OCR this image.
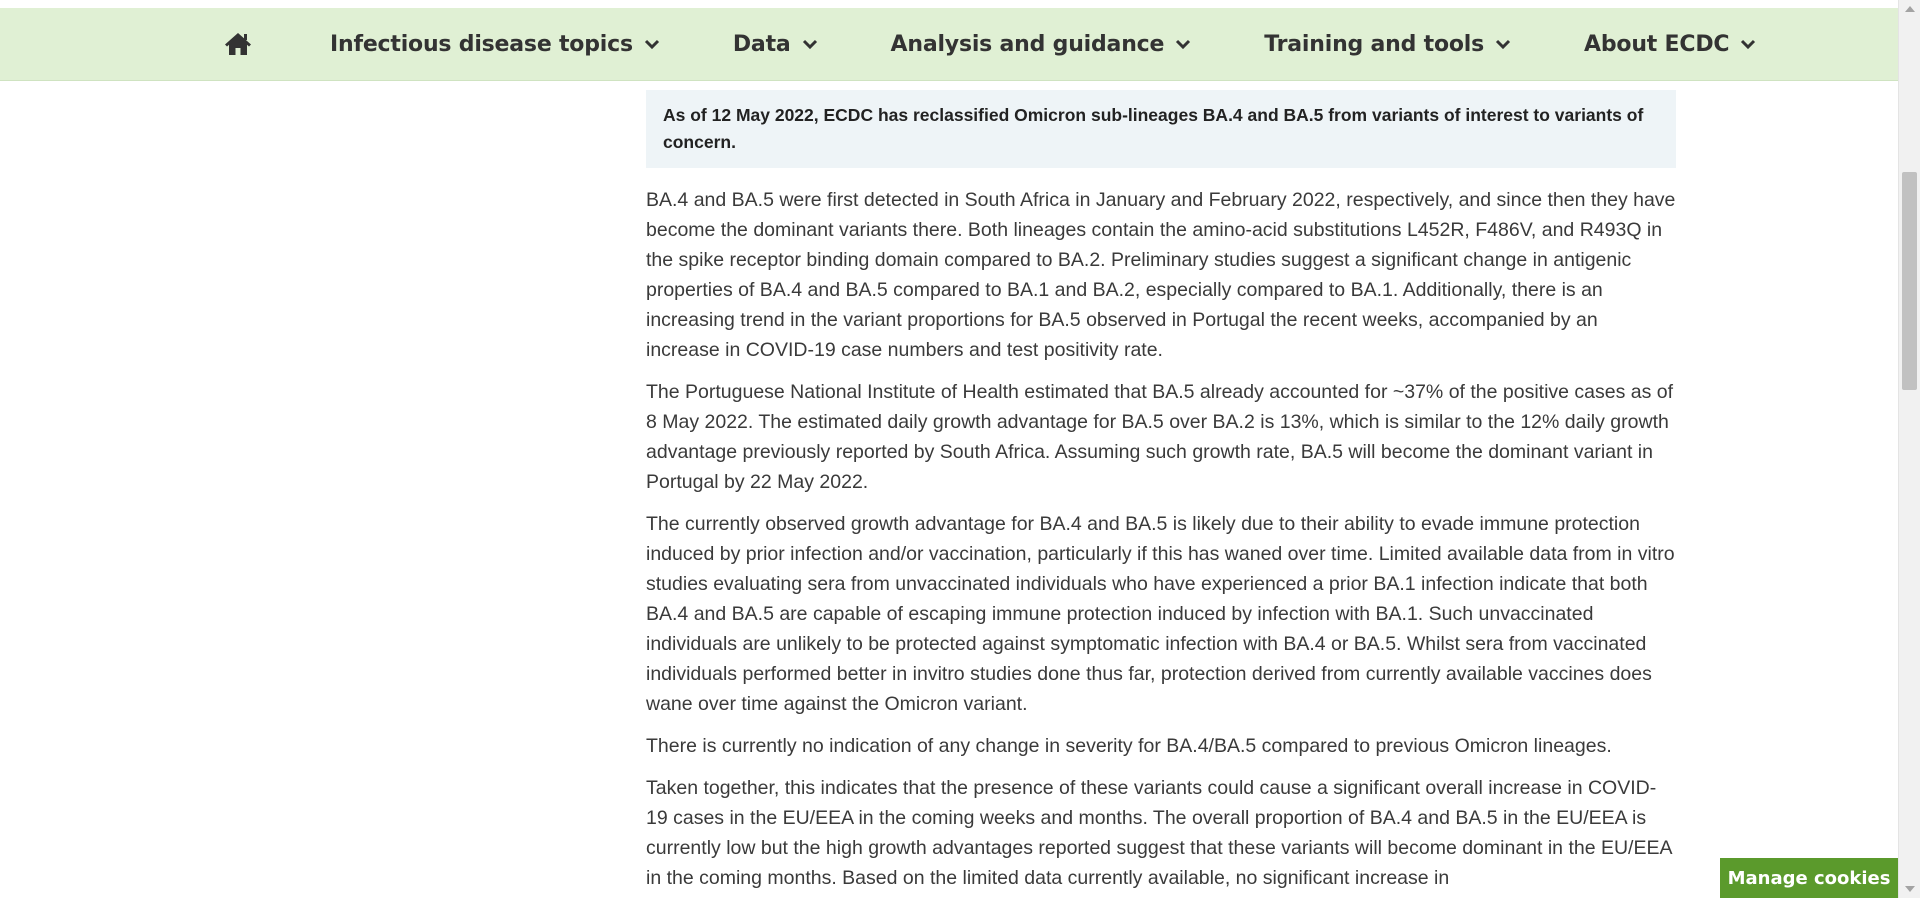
Infectious disease topics	Data	Analysis and guidance	Training and tools	About ECDC
As of 12 May 2022, ECDC has reclassified Omicron sub-lineages BA.4 and BA.5 from variants of interest to variants of concern.

BA.4 and BA.5 were first detected in South Africa in January and February 2022, respectively, and since then they have become the dominant variants there. Both lineages contain the amino-acid substitutions L452R, F486V, and R493Q in the spike receptor binding domain compared to BA.2. Preliminary studies suggest a significant change in antigenic properties of BA.4 and BA.5 compared to BA.1 and BA.2, especially compared to BA.1. Additionally, there is an increasing trend in the variant proportions for BA.5 observed in Portugal the recent weeks, accompanied by an increase in COVID-19 case numbers and test positivity rate.

The Portuguese National Institute of Health estimated that BA.5 already accounted for ~37% of the positive cases as of 8 May 2022. The estimated daily growth advantage for BA.5 over BA.2 is 13%, which is similar to the 12% daily growth advantage previously reported by South Africa. Assuming such growth rate, BA.5 will become the dominant variant in Portugal by 22 May 2022.

The currently observed growth advantage for BA.4 and BA.5 is likely due to their ability to evade immune protection induced by prior infection and/or vaccination, particularly if this has waned over time. Limited available data from in vitro studies evaluating sera from unvaccinated individuals who have experienced a prior BA.1 infection indicate that both BA.4 and BA.5 are capable of escaping immune protection induced by infection with BA.1. Such unvaccinated individuals are unlikely to be protected against symptomatic infection with BA.4 or BA.5. Whilst sera from vaccinated individuals performed better in invitro studies done thus far, protection derived from currently available vaccines does wane over time against the Omicron variant.

There is currently no indication of any change in severity for BA.4/BA.5 compared to previous Omicron lineages.

Taken together, this indicates that the presence of these variants could cause a significant overall increase in COVID-19 cases in the EU/EEA in the coming weeks and months. The overall proportion of BA.4 and BA.5 in the EU/EEA is currently low but the high growth advantages reported suggest that these variants will become dominant in the EU/EEA in the coming months. Based on the limited data currently available, no significant increase in	Manage cookies
